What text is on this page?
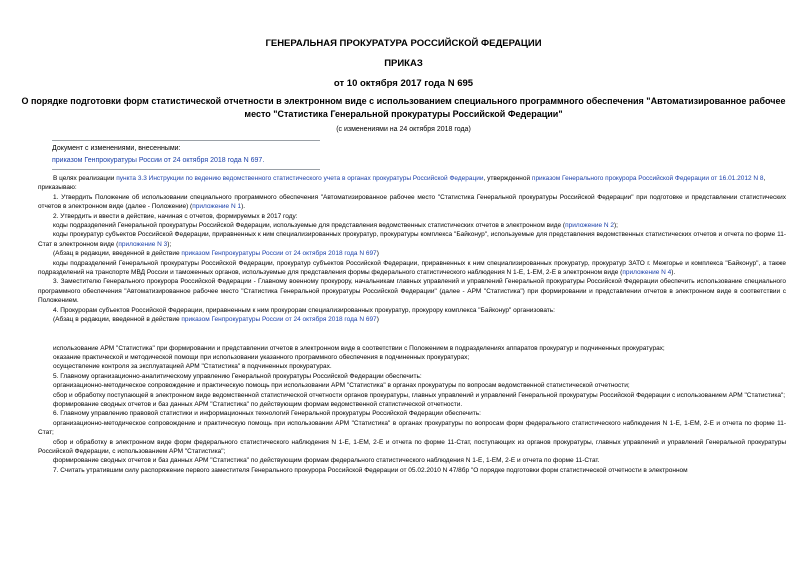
ГЕНЕРАЛЬНАЯ ПРОКУРАТУРА РОССИЙСКОЙ ФЕДЕРАЦИИ
ПРИКАЗ
от 10 октября 2017 года N 695
О порядке подготовки форм статистической отчетности в электронном виде с использованием специального программного обеспечения "Автоматизированное рабочее место "Статистика Генеральной прокуратуры Российской Федерации"
(с изменениями на 24 октября 2018 года)
Документ с изменениями, внесенными:
приказом Генпрокуратуры России от 24 октября 2018 года N 697.

В целях реализации пункта 3.3 Инструкции по ведению ведомственного статистического учета в органах прокуратуры Российской Федерации, утвержденной приказом Генерального прокурора Российской Федерации от 16.01.2012 N 8,

приказываю:

1. Утвердить Положение об использовании специального программного обеспечения "Автоматизированное рабочее место "Статистика Генеральной прокуратуры Российской Федерации" при подготовке и представлении статистических отчетов в электронном виде (далее - Положение) (приложение N 1).

2. Утвердить и ввести в действие, начиная с отчетов, формируемых в 2017 году:

коды подразделений Генеральной прокуратуры Российской Федерации, используемые для представления ведомственных статистических отчетов в электронном виде (приложение N 2);

коды прокуратур субъектов Российской Федерации, приравненных к ним специализированных прокуратур, прокуратуры комплекса "Байконур", используемые для представления ведомственных статистических отчетов и отчета по форме 11-Стат в электронном виде (приложение N 3);

(Абзац в редакции, введенной в действие приказом Генпрокуратуры России от 24 октября 2018 года N 697)

коды подразделений Генеральной прокуратуры Российской Федерации, прокуратур субъектов Российской Федерации, приравненных к ним специализированных прокуратур, прокуратур ЗАТО г. Межгорье и комплекса "Байконур", а также подразделений на транспорте МВД России и таможенных органов, используемые для представления формы федерального статистического наблюдения N 1-Е, 1-ЕМ, 2-Е в электронном виде (приложение N 4).

3. Заместителю Генерального прокурора Российской Федерации - Главному военному прокурору, начальникам главных управлений и управлений Генеральной прокуратуры Российской Федерации обеспечить использование специального программного обеспечения "Автоматизированное рабочее место "Статистика Генеральной прокуратуры Российской Федерации" (далее - АРМ "Статистика") при формировании и представлении отчетов в электронном виде в соответствии с Положением.

4. Прокурорам субъектов Российской Федерации, приравненным к ним прокурорам специализированных прокуратур, прокурору комплекса "Байконур" организовать:

(Абзац в редакции, введенной в действие приказом Генпрокуратуры России от 24 октября 2018 года N 697)

использование АРМ "Статистика" при формировании и представлении отчетов в электронном виде в соответствии с Положением в подразделениях аппаратов прокуратур и подчиненных прокуратурах;

оказание практической и методической помощи при использовании указанного программного обеспечения в подчиненных прокуратурах;

осуществление контроля за эксплуатацией АРМ "Статистика" в подчиненных прокуратурах.

5. Главному организационно-аналитическому управлению Генеральной прокуратуры Российской Федерации обеспечить:

организационно-методическое сопровождение и практическую помощь при использовании АРМ "Статистика" в органах прокуратуры по вопросам ведомственной статистической отчетности;

сбор и обработку поступающей в электронном виде ведомственной статистической отчетности органов прокуратуры, главных управлений и управлений Генеральной прокуратуры Российской Федерации с использованием АРМ "Статистика";

формирование сводных отчетов и баз данных АРМ "Статистика" по действующим формам ведомственной статистической отчетности.

6. Главному управлению правовой статистики и информационных технологий Генеральной прокуратуры Российской Федерации обеспечить:

организационно-методическое сопровождение и практическую помощь при использовании АРМ "Статистика" в органах прокуратуры по вопросам форм федерального статистического наблюдения N 1-Е, 1-ЕМ, 2-Е и отчета по форме 11-Стат;

сбор и обработку в электронном виде форм федерального статистического наблюдения N 1-Е, 1-ЕМ, 2-Е и отчета по форме 11-Стат, поступающих из органов прокуратуры, главных управлений и управлений Генеральной прокуратуры Российской Федерации, с использованием АРМ "Статистика";

формирование сводных отчетов и баз данных АРМ "Статистика" по действующим формам федерального статистического наблюдения N 1-Е, 1-ЕМ, 2-Е и отчета по форме 11-Стат.

7. Считать утратившим силу распоряжение первого заместителя Генерального прокурора Российской Федерации от 05.02.2010 N 47/8бр "О порядке подготовки форм статистической отчетности в электронном
